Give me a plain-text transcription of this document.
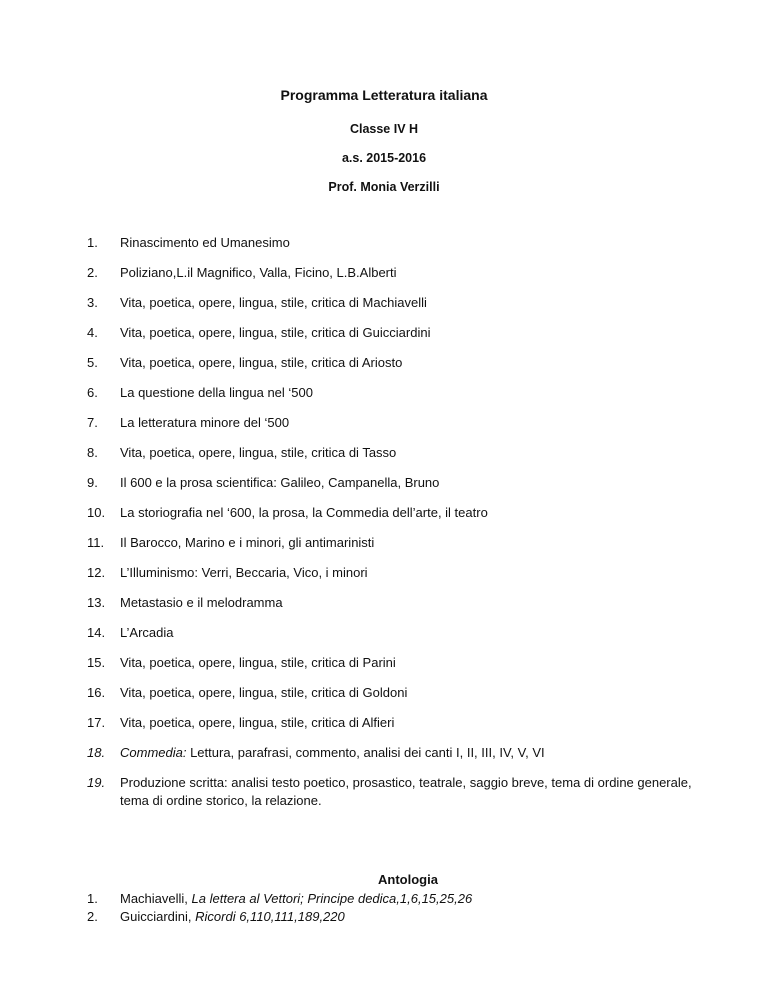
Programma Letteratura italiana

Classe IV H

a.s. 2015-2016

Prof. Monia Verzilli

1. Rinascimento ed Umanesimo
2. Poliziano,L.il Magnifico, Valla, Ficino, L.B.Alberti
3. Vita, poetica, opere, lingua, stile, critica di Machiavelli
4. Vita, poetica, opere, lingua, stile, critica di Guicciardini
5. Vita, poetica, opere, lingua, stile, critica di Ariosto
6. La questione della lingua nel ‘500
7. La letteratura minore del ‘500
8. Vita, poetica, opere, lingua, stile, critica di Tasso
9. Il 600 e la prosa scientifica: Galileo, Campanella, Bruno
10. La storiografia nel ‘600, la prosa, la Commedia dell’arte, il teatro
11. Il Barocco, Marino e i minori, gli antimarinisti
12. L’Illuminismo: Verri, Beccaria, Vico, i minori
13. Metastasio e il melodramma
14. L’Arcadia
15. Vita, poetica, opere, lingua, stile, critica di Parini
16. Vita, poetica, opere, lingua, stile, critica di Goldoni
17. Vita, poetica, opere, lingua, stile, critica di Alfieri
18. Commedia: Lettura, parafrasi, commento, analisi dei canti I, II, III, IV, V, VI
19. Produzione scritta: analisi testo poetico, prosastico, teatrale, saggio breve, tema di ordine generale, tema di ordine storico, la relazione.

Antologia

1. Machiavelli, La lettera al Vettori; Principe dedica,1,6,15,25,26
2. Guicciardini, Ricordi 6,110,111,189,220
